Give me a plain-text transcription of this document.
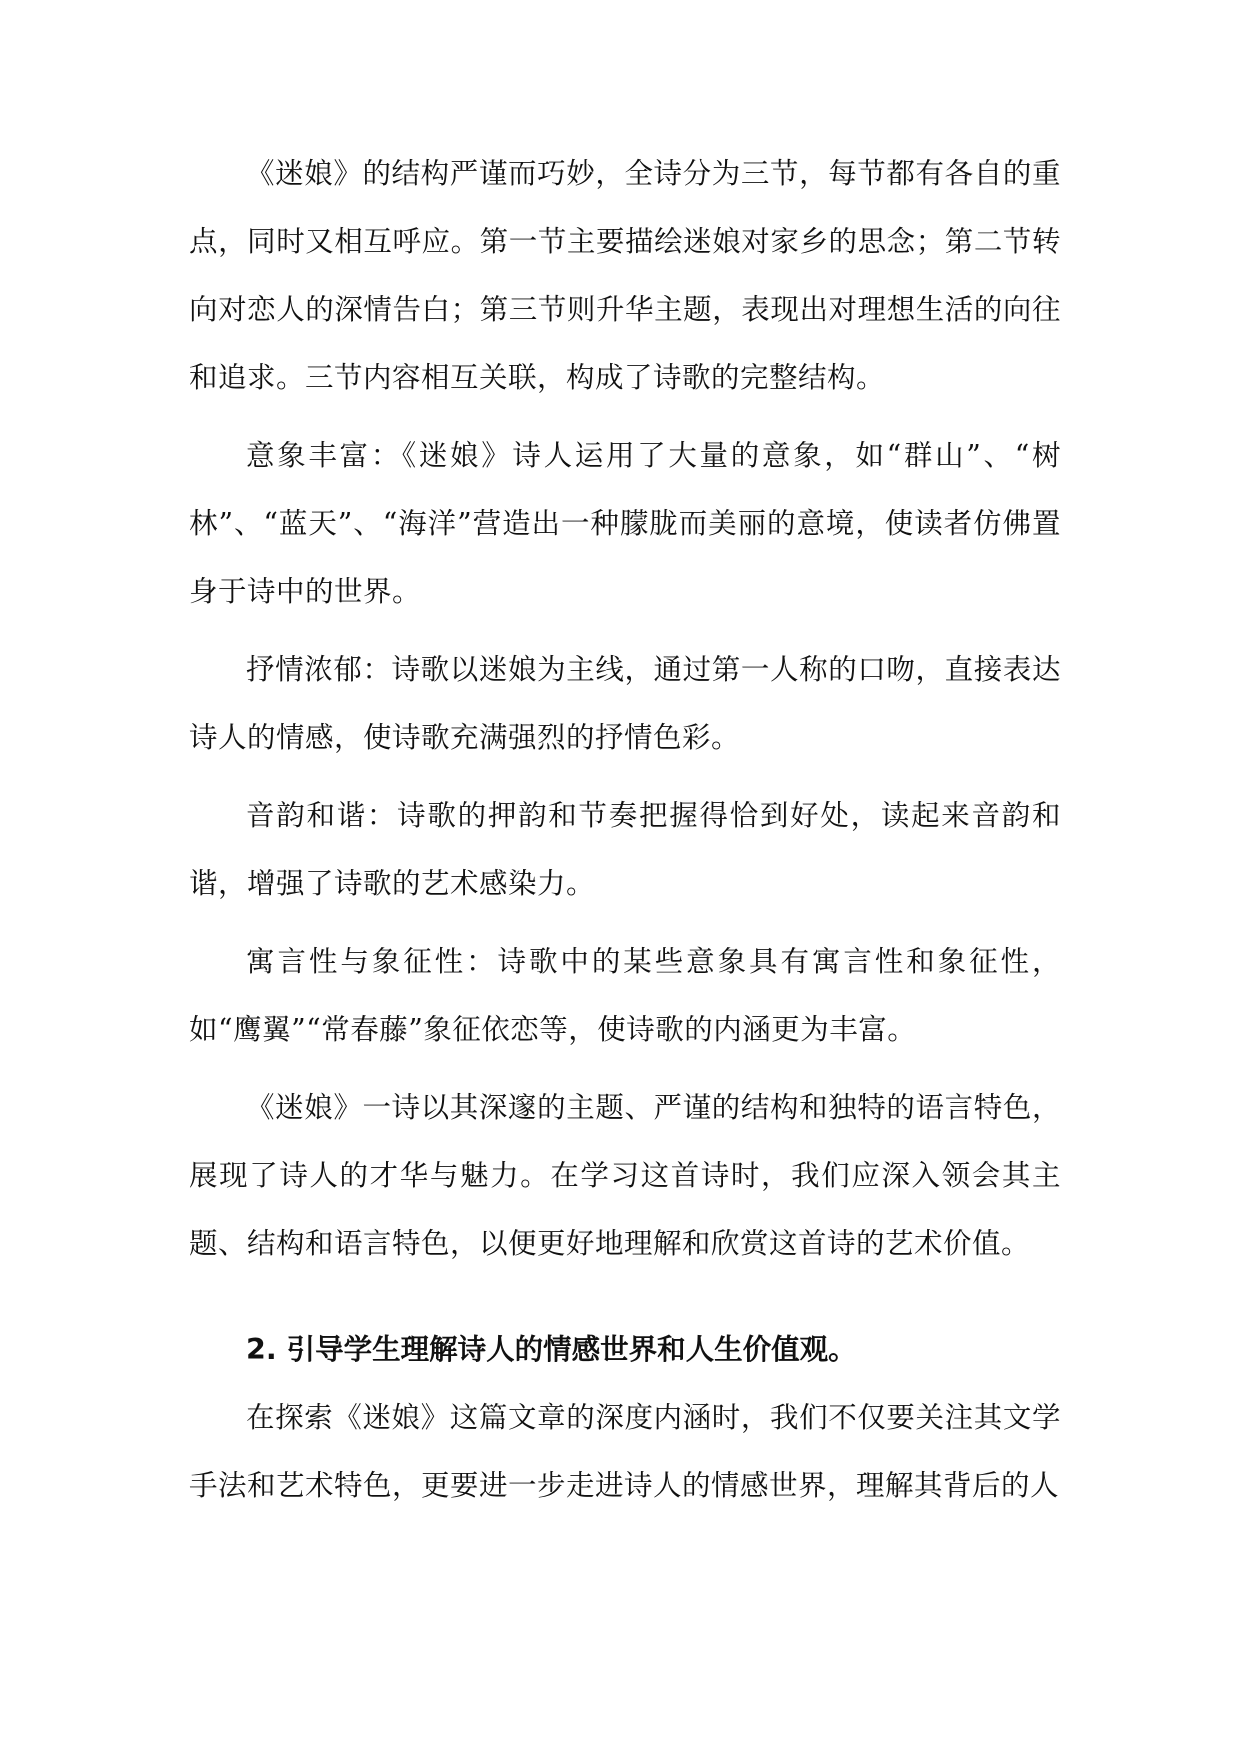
《迷娘》的结构严谨而巧妙，全诗分为三节，每节都有各自的重点，同时又相互呼应。第一节主要描绘迷娘对家乡的思念；第二节转向对恋人的深情告白；第三节则升华主题，表现出对理想生活的向往和追求。三节内容相互关联，构成了诗歌的完整结构。

意象丰富：《迷娘》诗人运用了大量的意象，如“群山”、“树林”、“蓝天”、“海洋”营造出一种朦胧而美丽的意境，使读者仿佛置身于诗中的世界。

抒情浓郁：诗歌以迷娘为主线，通过第一人称的口吻，直接表达诗人的情感，使诗歌充满强烈的抒情色彩。

音韵和谐：诗歌的押韵和节奏把握得恰到好处，读起来音韵和谐，增强了诗歌的艺术感染力。

寓言性与象征性：诗歌中的某些意象具有寓言性和象征性，如“鹰翼”“常春藤”象征依恋等，使诗歌的内涵更为丰富。

《迷娘》一诗以其深邃的主题、严谨的结构和独特的语言特色，展现了诗人的才华与魅力。在学习这首诗时，我们应深入领会其主题、结构和语言特色，以便更好地理解和欣赏这首诗的艺术价值。

2. 引导学生理解诗人的情感世界和人生价值观。

在探索《迷娘》这篇文章的深度内涵时，我们不仅要关注其文学手法和艺术特色，更要进一步走进诗人的情感世界，理解其背后的人
